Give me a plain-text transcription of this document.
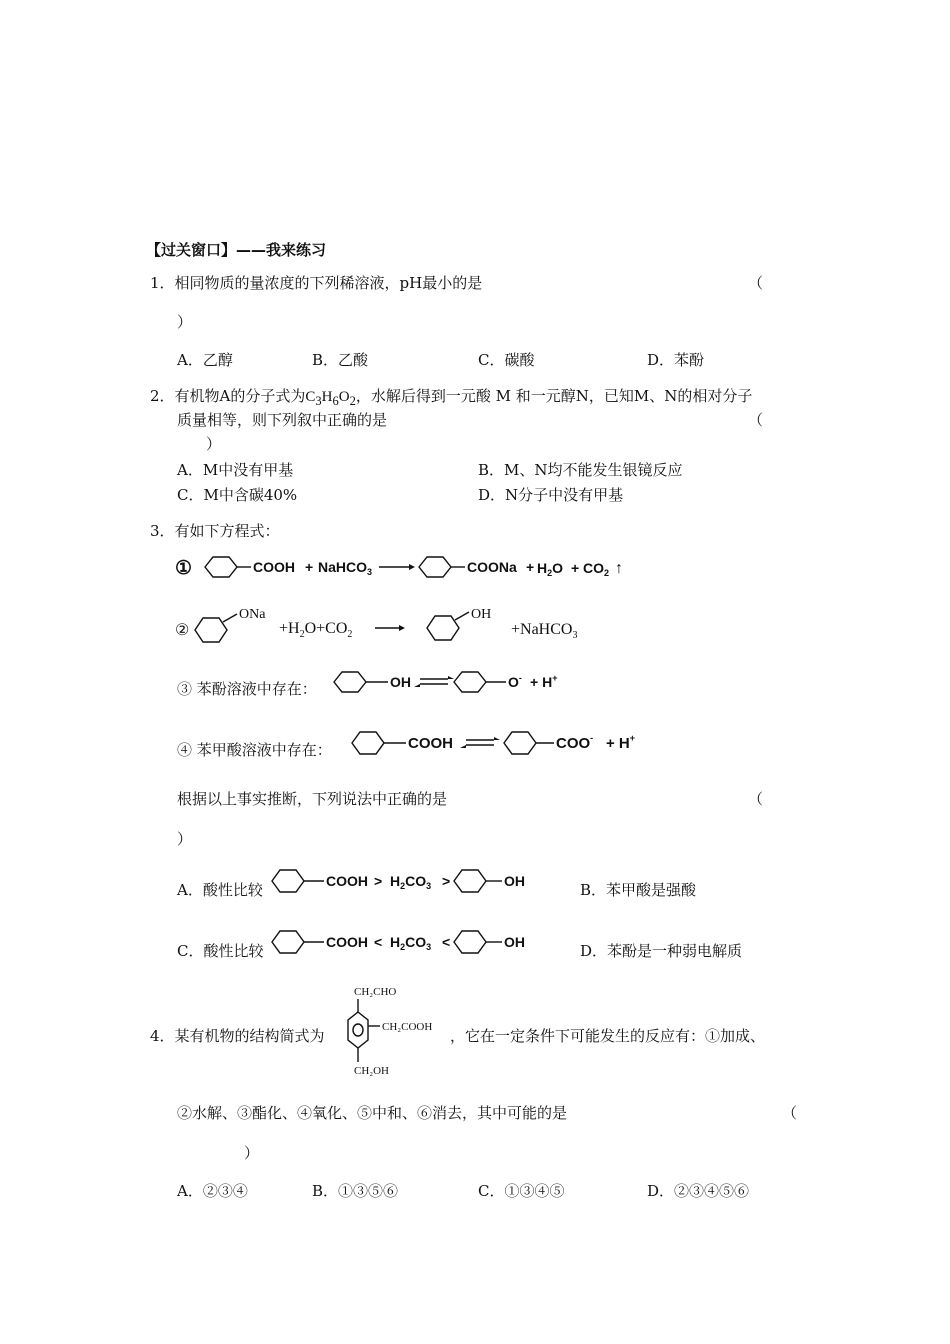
【过关窗口】——我来练习
1．相同物质的量浓度的下列稀溶液，pH最小的是	（
）
A．乙醇	B．乙酸	C．碳酸	D．苯酚
2．有机物A的分子式为$C_3H_6O_2$，水解后得到一元酸 M 和一元醇N，已知M、N的相对分子
质量相等，则下列叙中正确的是	（
）
A．M中没有甲基	B．M、N均不能发生银镜反应
C．M中含碳40%	D．N分子中没有甲基
3．有如下方程式：
①	COOH + NaHCO$_3$	COONa + $H_2O + CO_2$ ↑
②
ONa
$+H_2O+CO_2$
OH
+NaHCO$_3$
③ 苯酚溶液中存在：	OH	O- + H+
④ 苯甲酸溶液中存在：	COOH	COO- + H+
根据以上事实推断，下列说法中正确的是	（
）
A．酸性比较	COOH > $H_2CO_3$ >	OH	B．苯甲酸是强酸
C．酸性比较	COOH < $H_2CO_3$ <	OH	D．苯酚是一种弱电解质
4．某有机物的结构简式为
CH₂CHO
CH₂COOH
CH₂OH
，它在一定条件下可能发生的反应有：①加成、
②水解、③酯化、④氧化、⑤中和、⑥消去，其中可能的是	（
）
A．②③④	B．①③⑤⑥	C．①③④⑤	D．②③④⑤⑥
